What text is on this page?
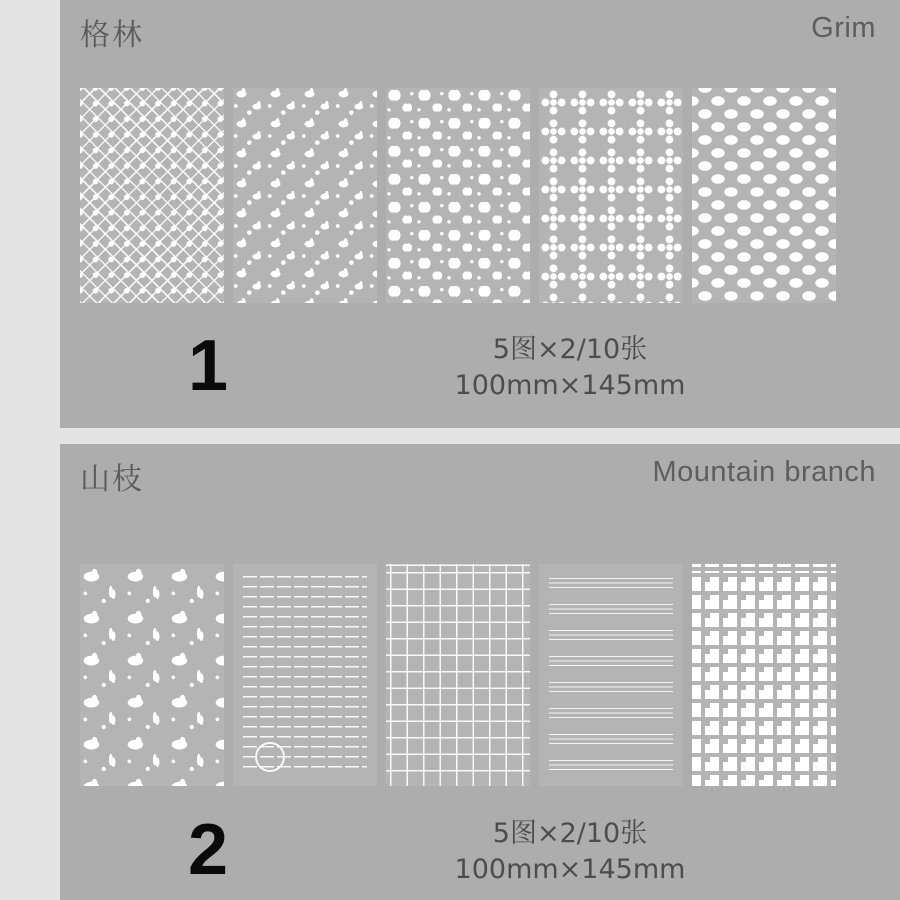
格林	Grim
1	5图×2/10张
100mm×145mm
山枝	Mountain branch
2	5图×2/10张
100mm×145mm
